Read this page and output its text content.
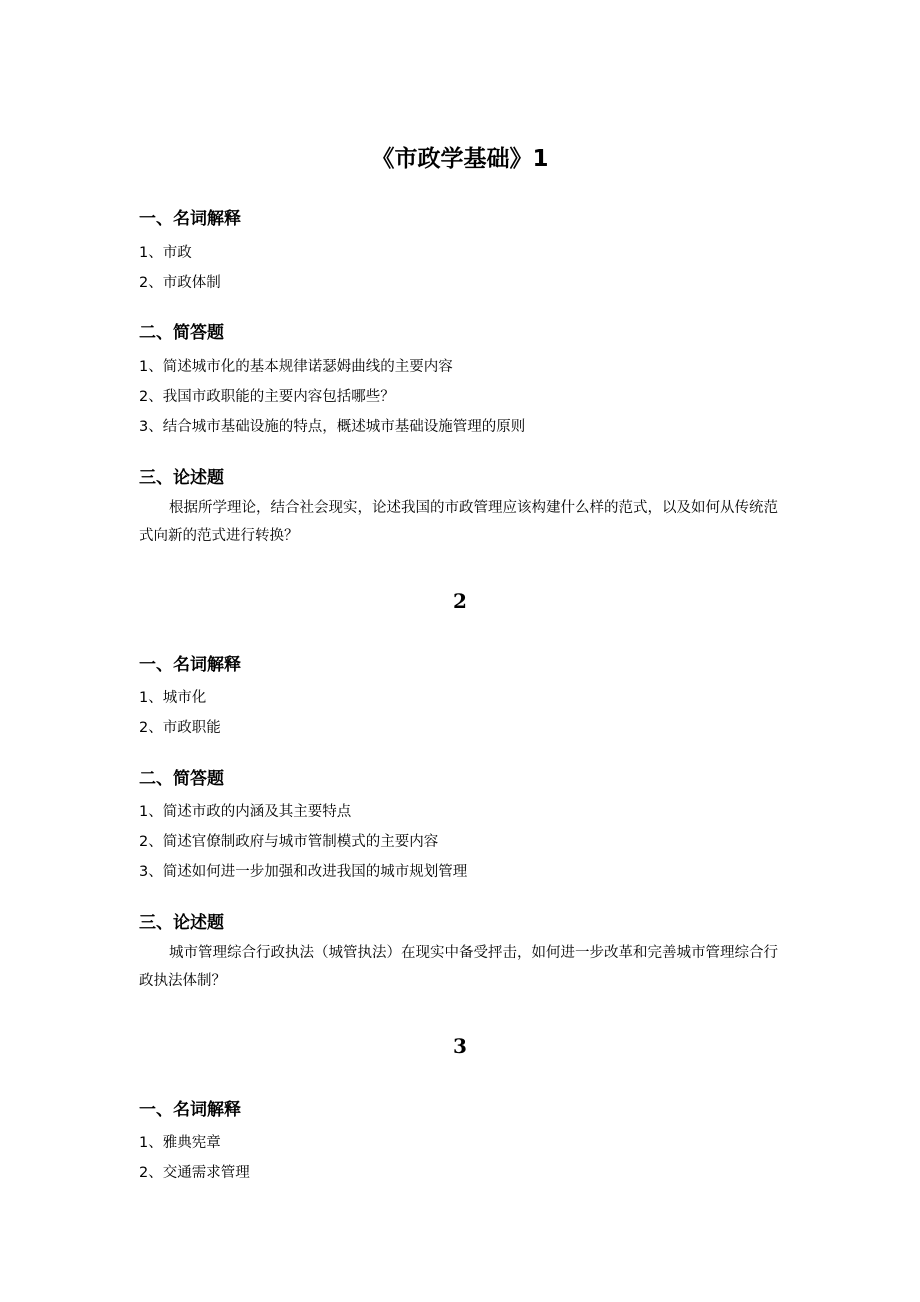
《市政学基础》1
一、名词解释
1、市政
2、市政体制
二、简答题
1、简述城市化的基本规律诺瑟姆曲线的主要内容
2、我国市政职能的主要内容包括哪些？
3、结合城市基础设施的特点，概述城市基础设施管理的原则
三、论述题
根据所学理论，结合社会现实，论述我国的市政管理应该构建什么样的范式，以及如何从传统范式向新的范式进行转换？
2
一、名词解释
1、城市化
2、市政职能
二、简答题
1、简述市政的内涵及其主要特点
2、简述官僚制政府与城市管制模式的主要内容
3、简述如何进一步加强和改进我国的城市规划管理
三、论述题
城市管理综合行政执法（城管执法）在现实中备受抨击，如何进一步改革和完善城市管理综合行政执法体制？
3
一、名词解释
1、雅典宪章
2、交通需求管理
